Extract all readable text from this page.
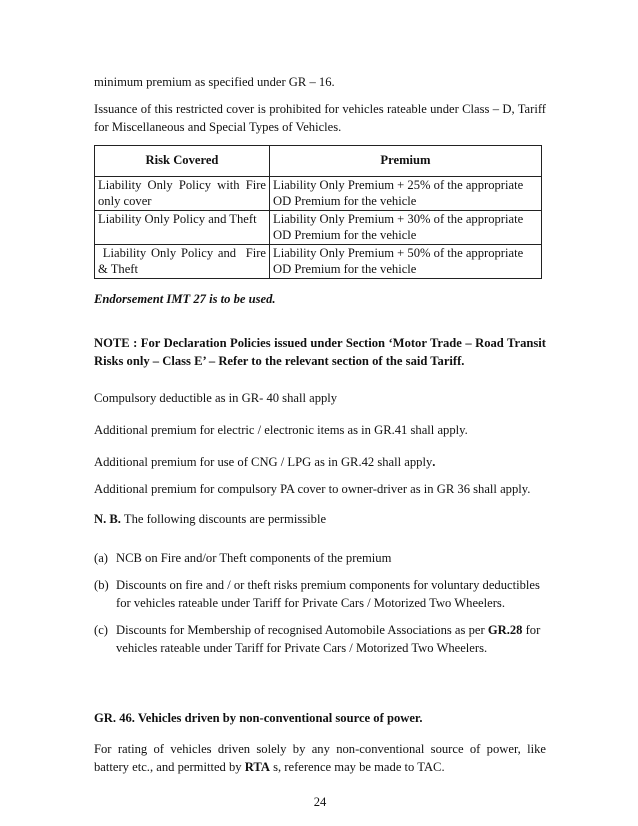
minimum premium as specified under GR – 16.

Issuance of this restricted cover is prohibited for vehicles rateable under Class – D, Tariff for Miscellaneous and Special Types of Vehicles.

Risk Covered	Premium
Liability Only Policy with Fire only cover	Liability Only Premium + 25% of the appropriate OD Premium for the vehicle
Liability Only Policy and Theft	Liability Only Premium + 30% of the appropriate OD Premium for the vehicle
Liability Only Policy and  Fire & Theft	Liability Only Premium + 50% of the appropriate OD Premium for the vehicle

Endorsement IMT 27 is to be used.

NOTE : For Declaration Policies issued under Section ‘Motor Trade – Road Transit Risks only – Class E’ – Refer to the relevant section of the said Tariff.

Compulsory deductible as in GR- 40 shall apply

Additional premium for electric / electronic items as in GR.41 shall apply.

Additional premium for use of CNG / LPG as in GR.42 shall apply.

Additional premium for compulsory PA cover to owner-driver as in GR 36 shall apply.

N. B. The following discounts are permissible

(a) NCB on Fire and/or Theft components of the premium
(b) Discounts on fire and / or theft risks premium components for voluntary deductibles for vehicles rateable under Tariff for Private Cars / Motorized Two Wheelers.
(c) Discounts for Membership of recognised Automobile Associations as per GR.28 for vehicles rateable under Tariff for Private Cars / Motorized Two Wheelers.

GR. 46. Vehicles driven by non-conventional source of power.

For rating of vehicles driven solely by any non-conventional source of power, like battery etc., and permitted by RTA s, reference may be made to TAC.

24
